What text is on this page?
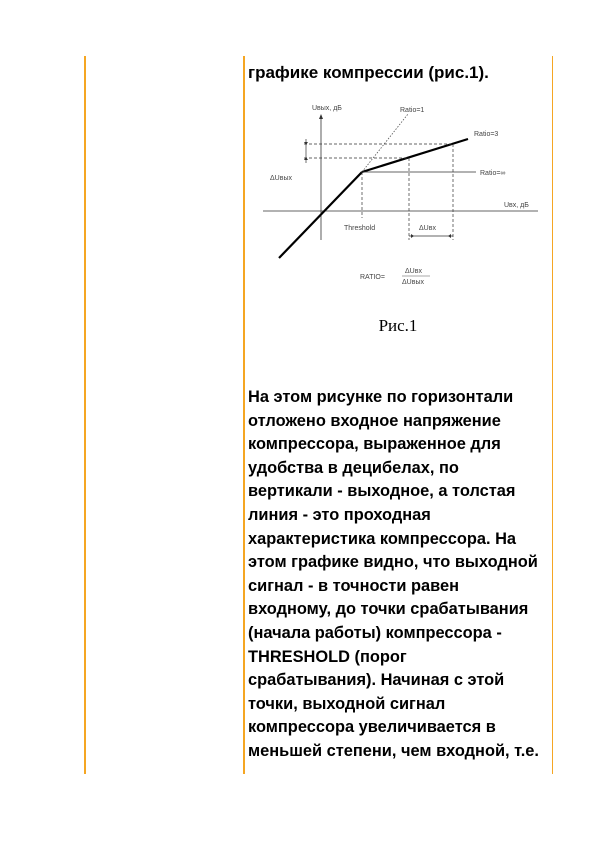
графике компрессии (рис.1).

Uвых, дБ	Ratio=1
Ratio=3
Ratio=∞
ΔUвых
Uвх, дБ
Threshold	ΔUвх
RATIO=
ΔUвх
ΔUвых

Рис.1

На этом рисунке по горизонтали
отложено входное напряжение
компрессора, выраженное для
удобства в децибелах, по
вертикали - выходное, а толстая
линия - это проходная
характеристика компрессора. На
этом графике видно, что выходной
сигнал - в точности равен
входному, до точки срабатывания
(начала работы) компрессора -
THRESHOLD (порог
срабатывания). Начиная с этой
точки, выходной сигнал
компрессора увеличивается в
меньшей степени, чем входной, т.е.
